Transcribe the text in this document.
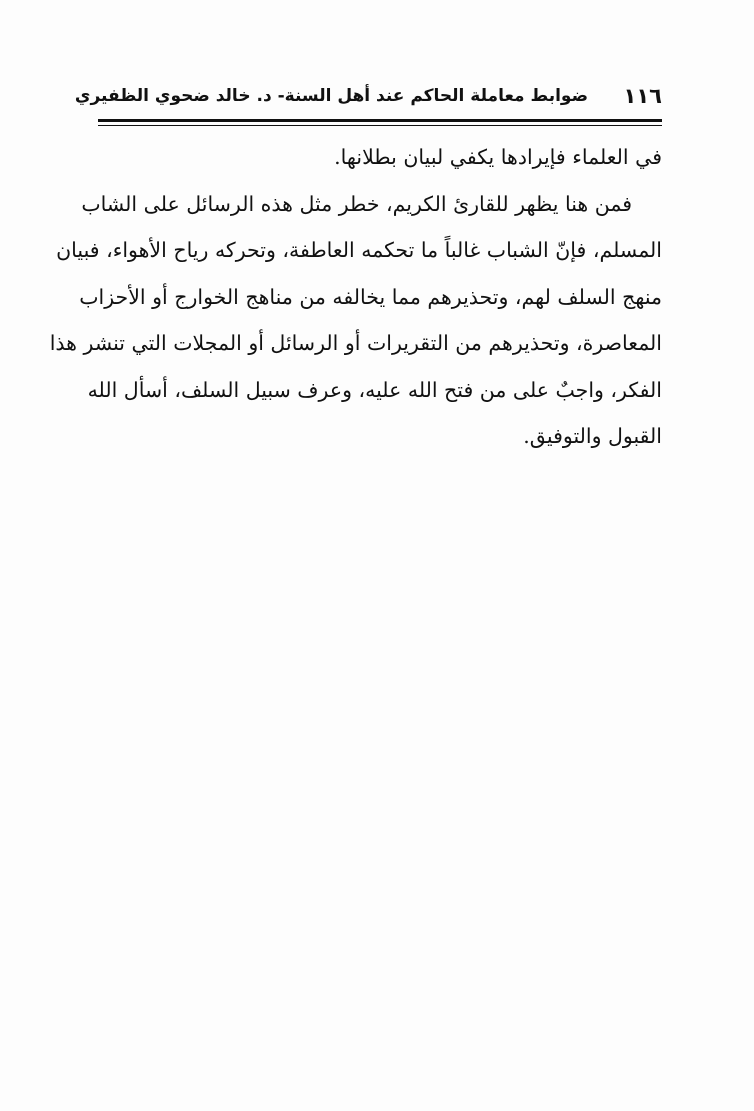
١١٦
ضوابط معاملة الحاكم عند أهل السنة- د. خالد ضحوي الظفيري
في العلماء فإيرادها يكفي لبيان بطلانها.
فمن هنا يظهر للقارئ الكريم، خطر مثل هذه الرسائل على الشاب
المسلم، فإنّ الشباب غالباً ما تحكمه العاطفة، وتحركه رياح الأهواء، فبيان
منهج السلف لهم، وتحذيرهم مما يخالفه من مناهج الخوارج أو الأحزاب
المعاصرة، وتحذيرهم من التقريرات أو الرسائل أو المجلات التي تنشر هذا
الفكر، واجبٌ على من فتح الله عليه، وعرف سبيل السلف، أسأل الله
القبول والتوفيق.
